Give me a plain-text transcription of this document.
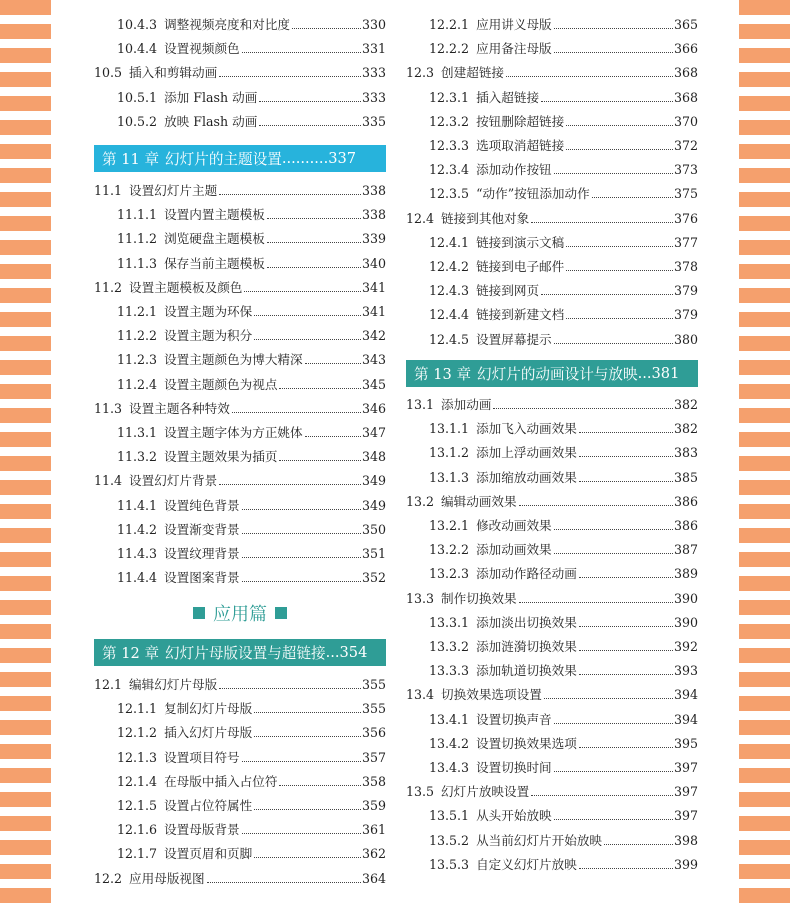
10.4.3 调整视频亮度和对比度	330
10.4.4 设置视频颜色	331
10.5 插入和剪辑动画	333
10.5.1 添加 Flash 动画	333
10.5.2 放映 Flash 动画	335
第 11 章 幻灯片的主题设置 .......... 337
11.1 设置幻灯片主题	338
11.1.1 设置内置主题模板	338
11.1.2 浏览硬盘主题模板	339
11.1.3 保存当前主题模板	340
11.2 设置主题模板及颜色	341
11.2.1 设置主题为环保	341
11.2.2 设置主题为积分	342
11.2.3 设置主题颜色为博大精深	343
11.2.4 设置主题颜色为视点	345
11.3 设置主题各种特效	346
11.3.1 设置主题字体为方正姚体	347
11.3.2 设置主题效果为插页	348
11.4 设置幻灯片背景	349
11.4.1 设置纯色背景	349
11.4.2 设置渐变背景	350
11.4.3 设置纹理背景	351
11.4.4 设置图案背景	352
应用篇
第 12 章 幻灯片母版设置与超链接 ... 354
12.1 编辑幻灯片母版	355
12.1.1 复制幻灯片母版	355
12.1.2 插入幻灯片母版	356
12.1.3 设置项目符号	357
12.1.4 在母版中插入占位符	358
12.1.5 设置占位符属性	359
12.1.6 设置母版背景	361
12.1.7 设置页眉和页脚	362
12.2 应用母版视图	364
12.2.1 应用讲义母版	365
12.2.2 应用备注母版	366
12.3 创建超链接	368
12.3.1 插入超链接	368
12.3.2 按钮删除超链接	370
12.3.3 选项取消超链接	372
12.3.4 添加动作按钮	373
12.3.5 “动作”按钮添加动作	375
12.4 链接到其他对象	376
12.4.1 链接到演示文稿	377
12.4.2 链接到电子邮件	378
12.4.3 链接到网页	379
12.4.4 链接到新建文档	379
12.4.5 设置屏幕提示	380
第 13 章 幻灯片的动画设计与放映 ... 381
13.1 添加动画	382
13.1.1 添加飞入动画效果	382
13.1.2 添加上浮动画效果	383
13.1.3 添加缩放动画效果	385
13.2 编辑动画效果	386
13.2.1 修改动画效果	386
13.2.2 添加动画效果	387
13.2.3 添加动作路径动画	389
13.3 制作切换效果	390
13.3.1 添加淡出切换效果	390
13.3.2 添加涟漪切换效果	392
13.3.3 添加轨道切换效果	393
13.4 切换效果选项设置	394
13.4.1 设置切换声音	394
13.4.2 设置切换效果选项	395
13.4.3 设置切换时间	397
13.5 幻灯片放映设置	397
13.5.1 从头开始放映	397
13.5.2 从当前幻灯片开始放映	398
13.5.3 自定义幻灯片放映	399
